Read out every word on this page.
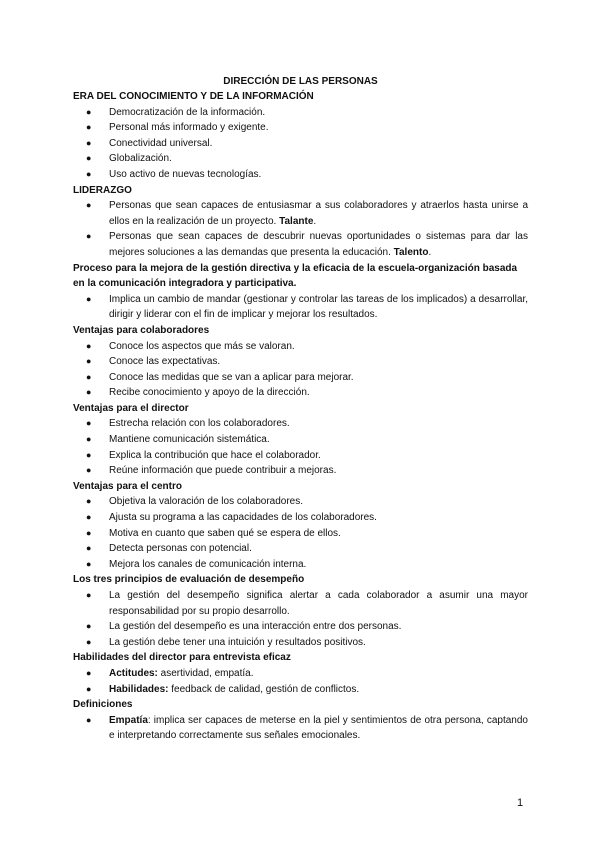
DIRECCIÓN DE LAS PERSONAS
ERA DEL CONOCIMIENTO Y DE LA INFORMACIÓN
● Democratización de la información.
● Personal más informado y exigente.
● Conectividad universal.
● Globalización.
● Uso activo de nuevas tecnologías.
LIDERAZGO
● Personas que sean capaces de entusiasmar a sus colaboradores y atraerlos hasta unirse a ellos en la realización de un proyecto. Talante.
● Personas que sean capaces de descubrir nuevas oportunidades o sistemas para dar las mejores soluciones a las demandas que presenta la educación. Talento.
Proceso para la mejora de la gestión directiva y la eficacia de la escuela-organización basada en la comunicación integradora y participativa.
● Implica un cambio de mandar (gestionar y controlar las tareas de los implicados) a desarrollar, dirigir y liderar con el fin de implicar y mejorar los resultados.
Ventajas para colaboradores
● Conoce los aspectos que más se valoran.
● Conoce las expectativas.
● Conoce las medidas que se van a aplicar para mejorar.
● Recibe conocimiento y apoyo de la dirección.
Ventajas para el director
● Estrecha relación con los colaboradores.
● Mantiene comunicación sistemática.
● Explica la contribución que hace el colaborador.
● Reúne información que puede contribuir a mejoras.
Ventajas para el centro
● Objetiva la valoración de los colaboradores.
● Ajusta su programa a las capacidades de los colaboradores.
● Motiva en cuanto que saben qué se espera de ellos.
● Detecta personas con potencial.
● Mejora los canales de comunicación interna.
Los tres principios de evaluación de desempeño
● La gestión del desempeño significa alertar a cada colaborador a asumir una mayor responsabilidad por su propio desarrollo.
● La gestión del desempeño es una interacción entre dos personas.
● La gestión debe tener una intuición y resultados positivos.
Habilidades del director para entrevista eficaz
● Actitudes: asertividad, empatía.
● Habilidades: feedback de calidad, gestión de conflictos.
Definiciones
● Empatía: implica ser capaces de meterse en la piel y sentimientos de otra persona, captando e interpretando correctamente sus señales emocionales.
1
